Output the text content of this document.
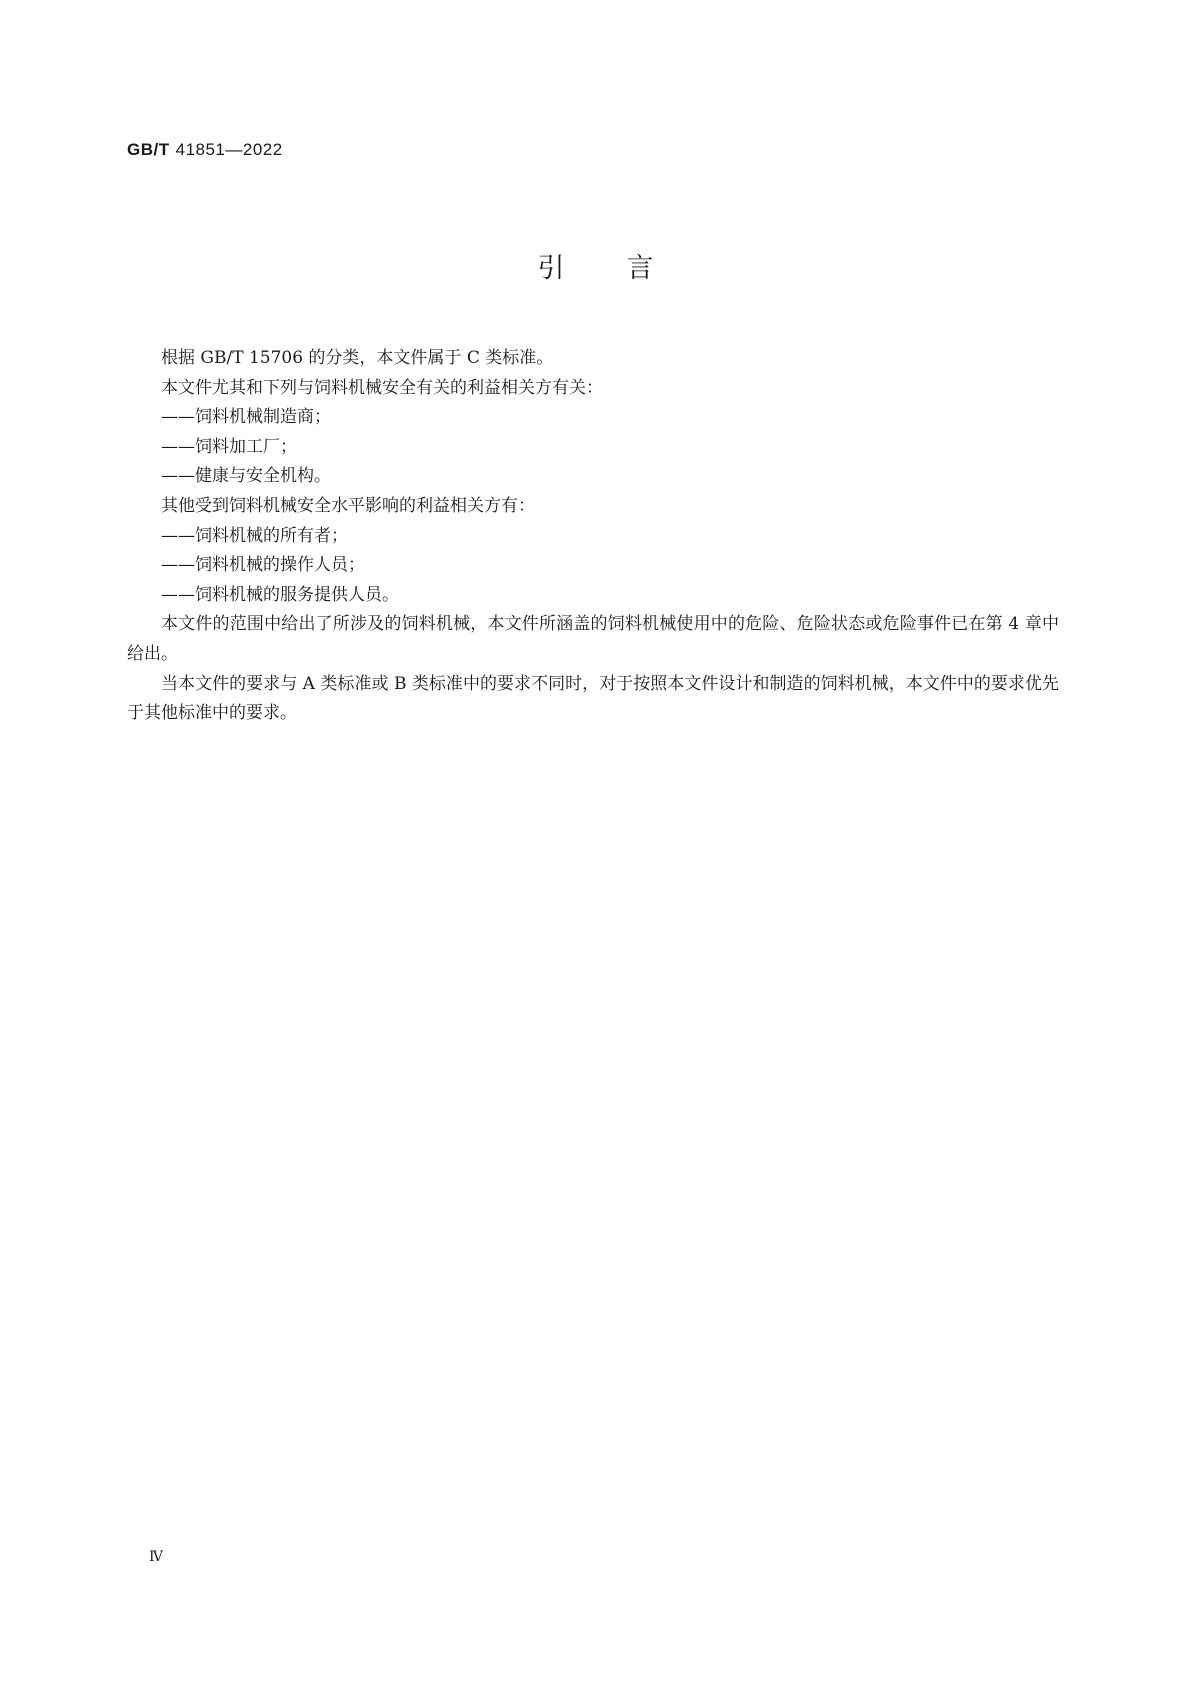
GB/T 41851—2022
引言

根据 GB/T 15706 的分类，本文件属于 C 类标准。

本文件尤其和下列与饲料机械安全有关的利益相关方有关：

——饲料机械制造商；

——饲料加工厂；

——健康与安全机构。

其他受到饲料机械安全水平影响的利益相关方有：

——饲料机械的所有者；

——饲料机械的操作人员；

——饲料机械的服务提供人员。

本文件的范围中给出了所涉及的饲料机械，本文件所涵盖的饲料机械使用中的危险、危险状态或危险事件已在第 4 章中给出。

当本文件的要求与 A 类标准或 B 类标准中的要求不同时，对于按照本文件设计和制造的饲料机械，本文件中的要求优先于其他标准中的要求。

Ⅳ
